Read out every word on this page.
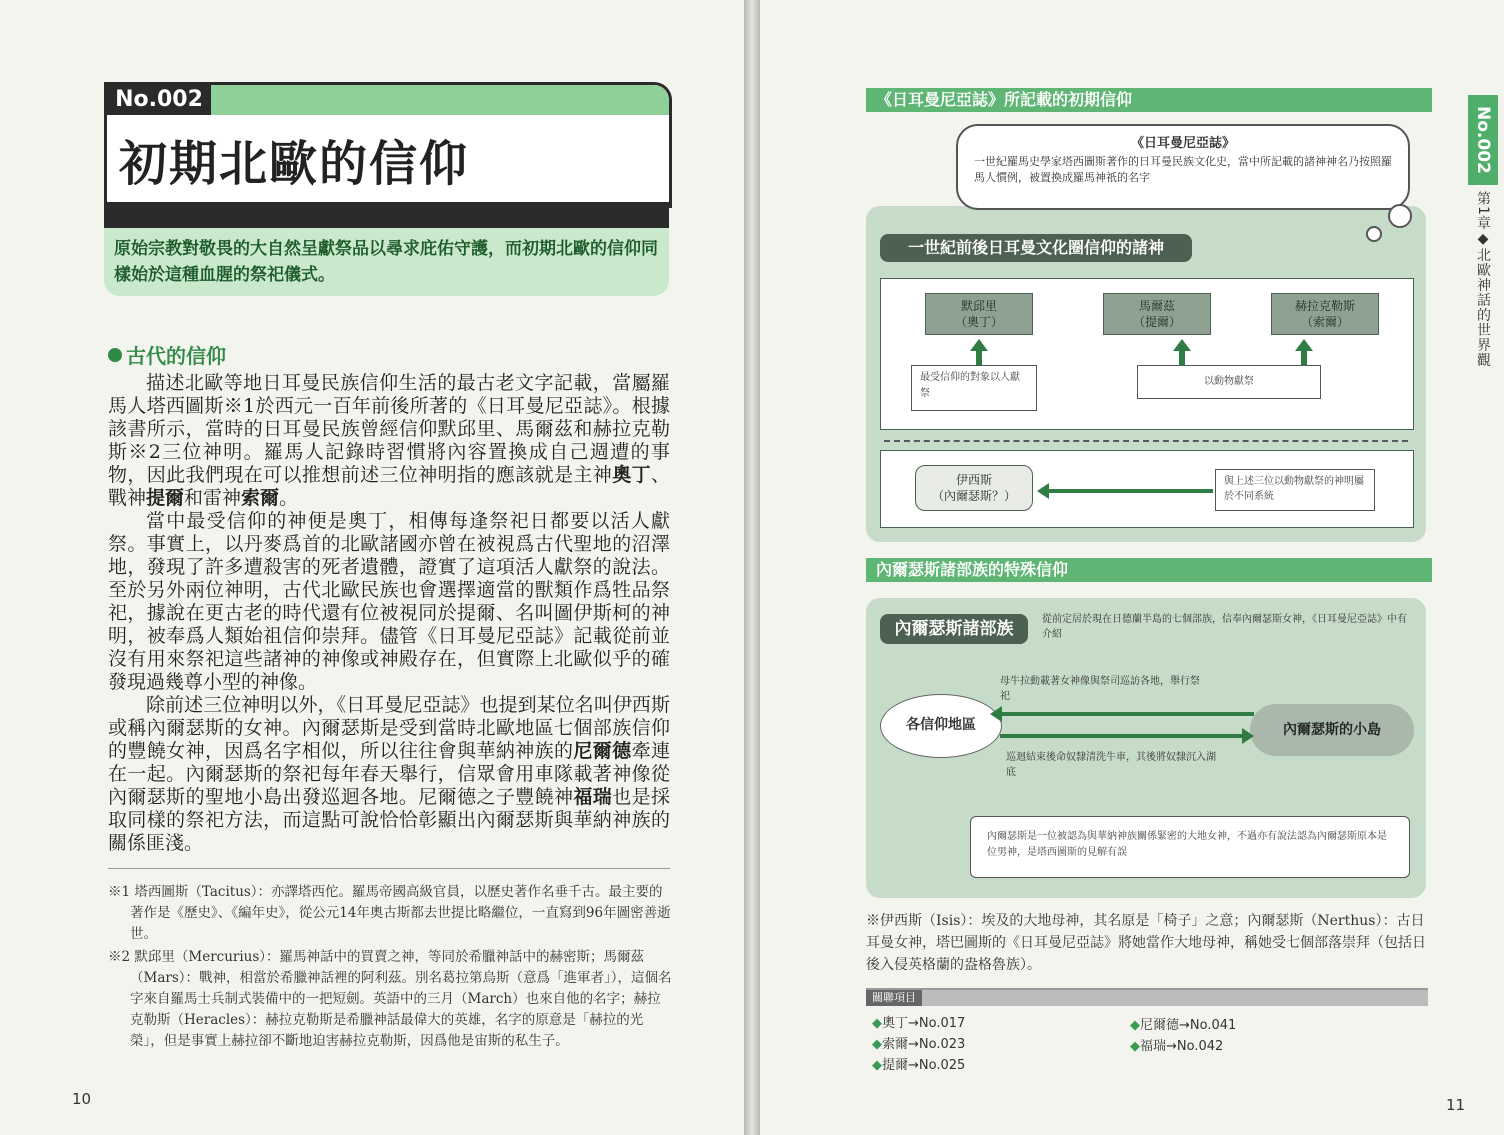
No.002
初期北歐的信仰
原始宗教對敬畏的大自然呈獻祭品以尋求庇佑守護，而初期北歐的信仰同樣始於這種血腥的祭祀儀式。
古代的信仰

描述北歐等地日耳曼民族信仰生活的最古老文字記載，當屬羅馬人塔西圖斯※1於西元一百年前後所著的《日耳曼尼亞誌》。根據該書所示，當時的日耳曼民族曾經信仰默邱里、馬爾茲和赫拉克勒斯※2三位神明。羅馬人記錄時習慣將內容置換成自己週遭的事物，因此我們現在可以推想前述三位神明指的應該就是主神奧丁、戰神提爾和雷神索爾。

當中最受信仰的神便是奧丁，相傳每逢祭祀日都要以活人獻祭。事實上，以丹麥爲首的北歐諸國亦曾在被視爲古代聖地的沼澤地，發現了許多遭殺害的死者遺體，證實了這項活人獻祭的說法。至於另外兩位神明，古代北歐民族也會選擇適當的獸類作爲牲品祭祀，據說在更古老的時代還有位被視同於提爾、名叫圖伊斯柯的神明，被奉爲人類始祖信仰崇拜。儘管《日耳曼尼亞誌》記載從前並沒有用來祭祀這些諸神的神像或神殿存在，但實際上北歐似乎的確發現過幾尊小型的神像。

除前述三位神明以外，《日耳曼尼亞誌》也提到某位名叫伊西斯或稱內爾瑟斯的女神。內爾瑟斯是受到當時北歐地區七個部族信仰的豐饒女神，因爲名字相似，所以往往會與華納神族的尼爾德牽連在一起。內爾瑟斯的祭祀每年春天舉行，信眾會用車隊載著神像從內爾瑟斯的聖地小島出發巡迴各地。尼爾德之子豐饒神福瑞也是採取同樣的祭祀方法，而這點可說恰恰彰顯出內爾瑟斯與華納神族的關係匪淺。

※1 塔西圖斯（Tacitus）：亦譯塔西佗。羅馬帝國高級官員，以歷史著作名垂千古。最主要的著作是《歷史》、《編年史》，從公元14年奧古斯都去世提比略繼位，一直寫到96年圖密善逝世。

※2 默邱里（Mercurius）：羅馬神話中的買賣之神，等同於希臘神話中的赫密斯；馬爾茲（Mars）：戰神，相當於希臘神話裡的阿利茲。別名葛拉第烏斯（意爲「進軍者」），這個名字來自羅馬士兵制式裝備中的一把短劍。英語中的三月（March）也來自他的名字；赫拉克勒斯（Heracles）：赫拉克勒斯是希臘神話最偉大的英雄，名字的原意是「赫拉的光榮」，但是事實上赫拉卻不斷地迫害赫拉克勒斯，因爲他是宙斯的私生子。

10
《日耳曼尼亞誌》所記載的初期信仰
一世紀前後日耳曼文化圈信仰的諸神
默邱里
（奧丁）
馬爾茲
（提爾）
赫拉克勒斯
（索爾）
最受信仰的對象以人獻祭
以動物獻祭
伊西斯
（內爾瑟斯？）
與上述三位以動物獻祭的神明屬於不同系統
《日耳曼尼亞誌》
一世紀羅馬史學家塔西圖斯著作的日耳曼民族文化史，當中所記載的諸神神名乃按照羅馬人慣例，被置換成羅馬神祇的名字
內爾瑟斯諸部族的特殊信仰
內爾瑟斯諸部族	從前定居於現在日德蘭半島的七個部族，信奉內爾瑟斯女神，《日耳曼尼亞誌》中有介紹
各信仰地區	內爾瑟斯的小島
母牛拉動載著女神像與祭司巡訪各地，舉行祭祀
巡迴結束後命奴隸清洗牛車，其後將奴隸沉入湖底
內爾瑟斯是一位被認為與華納神族關係緊密的大地女神，不過亦有說法認為內爾瑟斯原本是位男神，是塔西圖斯的見解有誤
※伊西斯（Isis）：埃及的大地母神，其名原是「椅子」之意；內爾瑟斯（Nerthus）：古日耳曼女神，塔巴圖斯的《日耳曼尼亞誌》將她當作大地母神，稱她受七個部落崇拜（包括日後入侵英格蘭的盎格魯族）。
關聯項目
◆奧丁→No.017
◆索爾→No.023
◆提爾→No.025
◆尼爾德→No.041
◆福瑞→No.042
No.002
第1章◆北歐神話的世界觀
11
